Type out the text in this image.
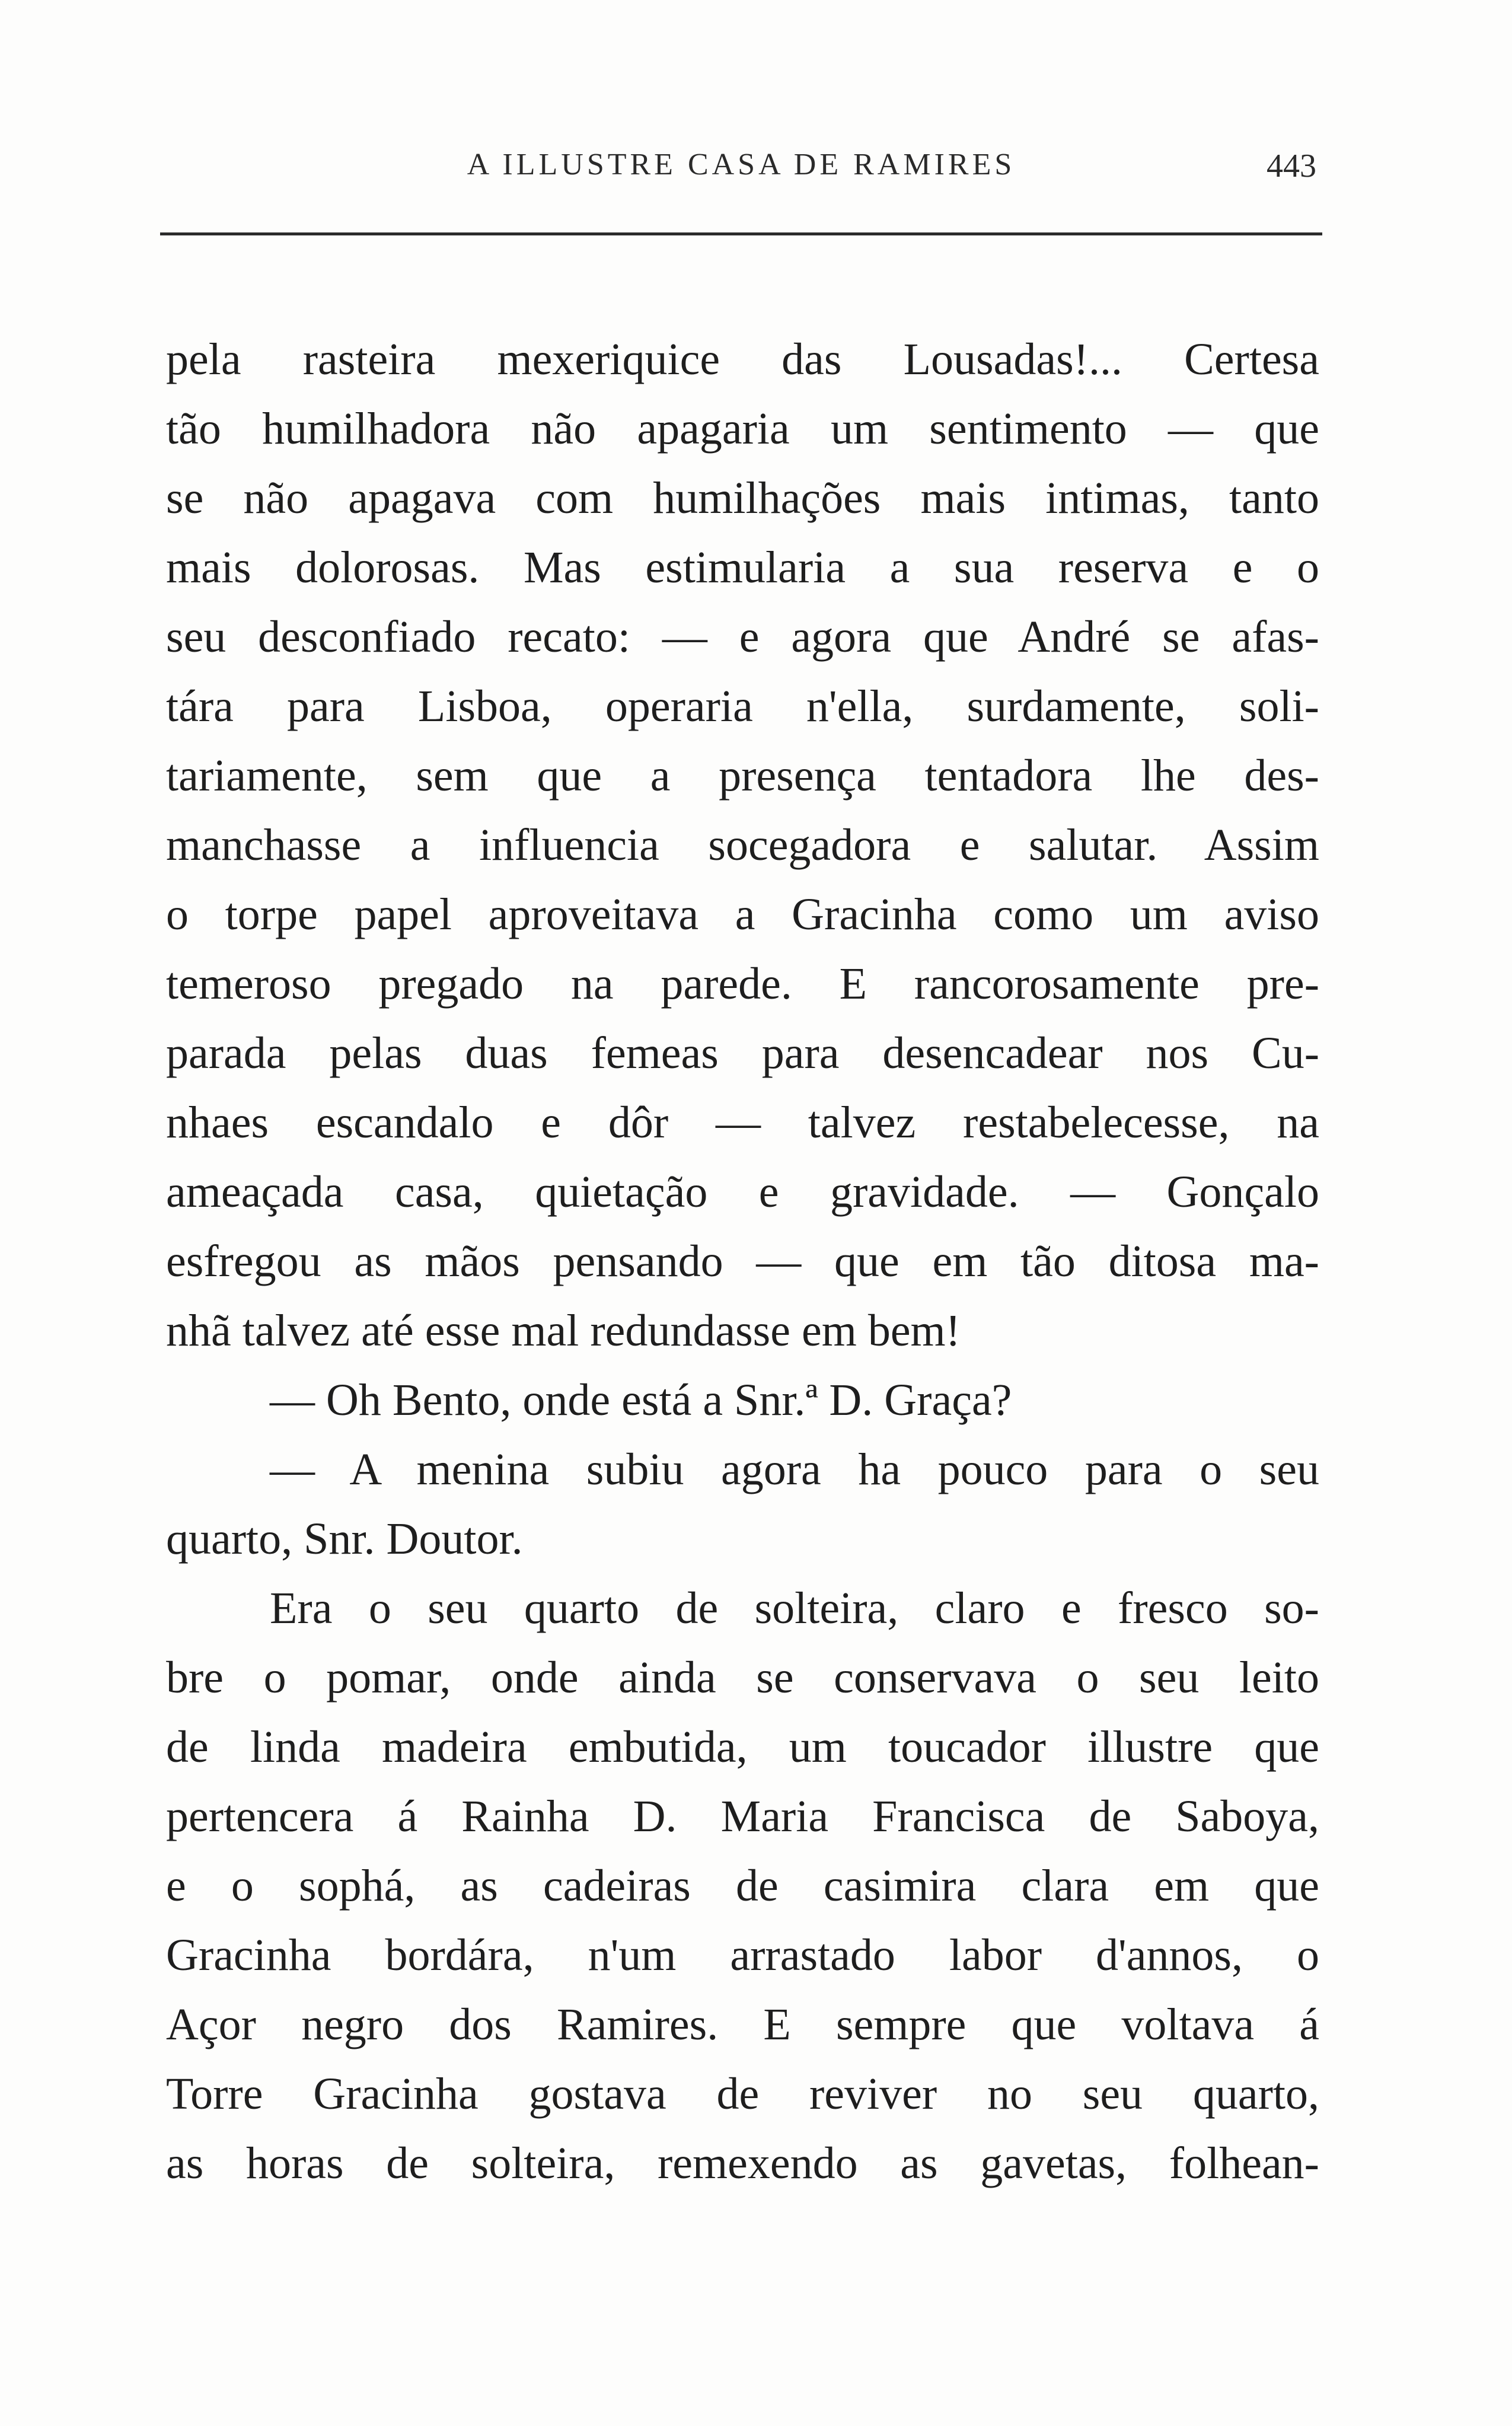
A ILLUSTRE CASA DE RAMIRES	443
pela rasteira mexeriquice das Lousadas!... Certesa
tão humilhadora não apagaria um sentimento — que
se não apagava com humilhações mais intimas, tanto
mais dolorosas. Mas estimularia a sua reserva e o
seu desconfiado recato: — e agora que André se afas-
tára para Lisboa, operaria n'ella, surdamente, soli-
tariamente, sem que a presença tentadora lhe des-
manchasse a influencia socegadora e salutar. Assim
o torpe papel aproveitava a Gracinha como um aviso
temeroso pregado na parede. E rancorosamente pre-
parada pelas duas femeas para desencadear nos Cu-
nhaes escandalo e dôr — talvez restabelecesse, na
ameaçada casa, quietação e gravidade. — Gonçalo
esfregou as mãos pensando — que em tão ditosa ma-
nhã talvez até esse mal redundasse em bem!
— Oh Bento, onde está a Snr.ª D. Graça?
— A menina subiu agora ha pouco para o seu
quarto, Snr. Doutor.
Era o seu quarto de solteira, claro e fresco so-
bre o pomar, onde ainda se conservava o seu leito
de linda madeira embutida, um toucador illustre que
pertencera á Rainha D. Maria Francisca de Saboya,
e o sophá, as cadeiras de casimira clara em que
Gracinha bordára, n'um arrastado labor d'annos, o
Açor negro dos Ramires. E sempre que voltava á
Torre Gracinha gostava de reviver no seu quarto,
as horas de solteira, remexendo as gavetas, folhean-
